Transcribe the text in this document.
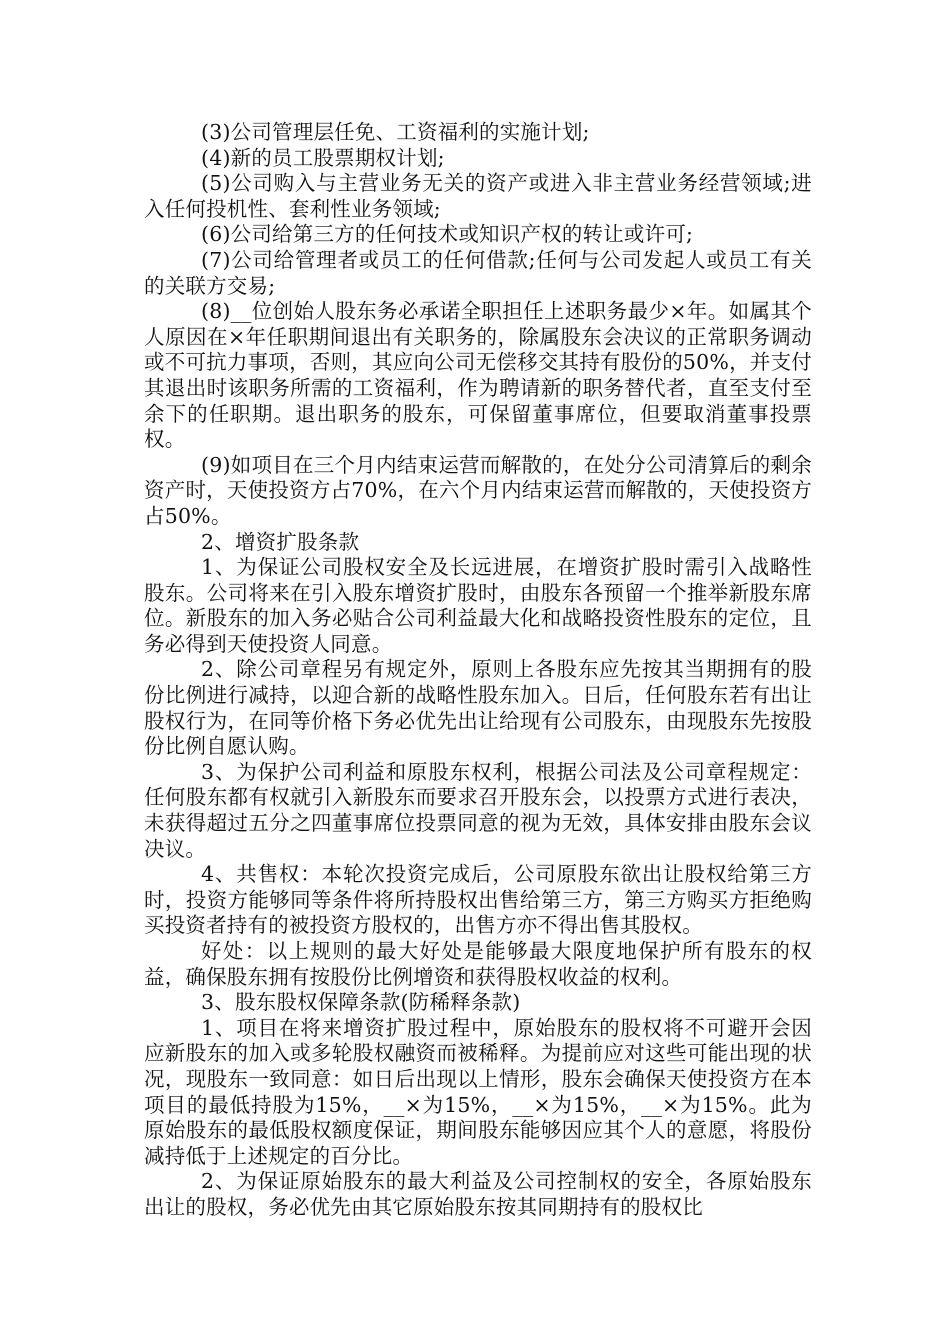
(3)公司管理层任免、工资福利的实施计划;

(4)新的员工股票期权计划;

(5)公司购入与主营业务无关的资产或进入非主营业务经营领域;进入任何投机性、套利性业务领域;

(6)公司给第三方的任何技术或知识产权的转让或许可;

(7)公司给管理者或员工的任何借款;任何与公司发起人或员工有关的关联方交易;

(8)__位创始人股东务必承诺全职担任上述职务最少×年。如属其个人原因在×年任职期间退出有关职务的，除属股东会决议的正常职务调动或不可抗力事项，否则，其应向公司无偿移交其持有股份的50%，并支付其退出时该职务所需的工资福利，作为聘请新的职务替代者，直至支付至余下的任职期。退出职务的股东，可保留董事席位，但要取消董事投票权。

(9)如项目在三个月内结束运营而解散的，在处分公司清算后的剩余资产时，天使投资方占70%，在六个月内结束运营而解散的，天使投资方占50%。

2、增资扩股条款

1、为保证公司股权安全及长远进展，在增资扩股时需引入战略性股东。公司将来在引入股东增资扩股时，由股东各预留一个推举新股东席位。新股东的加入务必贴合公司利益最大化和战略投资性股东的定位，且务必得到天使投资人同意。

2、除公司章程另有规定外，原则上各股东应先按其当期拥有的股份比例进行减持，以迎合新的战略性股东加入。日后，任何股东若有出让股权行为，在同等价格下务必优先出让给现有公司股东，由现股东先按股份比例自愿认购。

3、为保护公司利益和原股东权利，根据公司法及公司章程规定：任何股东都有权就引入新股东而要求召开股东会，以投票方式进行表决，未获得超过五分之四董事席位投票同意的视为无效，具体安排由股东会议决议。

4、共售权：本轮次投资完成后，公司原股东欲出让股权给第三方时，投资方能够同等条件将所持股权出售给第三方，第三方购买方拒绝购买投资者持有的被投资方股权的，出售方亦不得出售其股权。

好处：以上规则的最大好处是能够最大限度地保护所有股东的权益，确保股东拥有按股份比例增资和获得股权收益的权利。

3、股东股权保障条款(防稀释条款)

1、项目在将来增资扩股过程中，原始股东的股权将不可避开会因应新股东的加入或多轮股权融资而被稀释。为提前应对这些可能出现的状况，现股东一致同意：如日后出现以上情形，股东会确保天使投资方在本项目的最低持股为15%，__×为15%，__×为15%，__×为15%。此为原始股东的最低股权额度保证，期间股东能够因应其个人的意愿，将股份减持低于上述规定的百分比。

2、为保证原始股东的最大利益及公司控制权的安全，各原始股东出让的股权，务必优先由其它原始股东按其同期持有的股权比
